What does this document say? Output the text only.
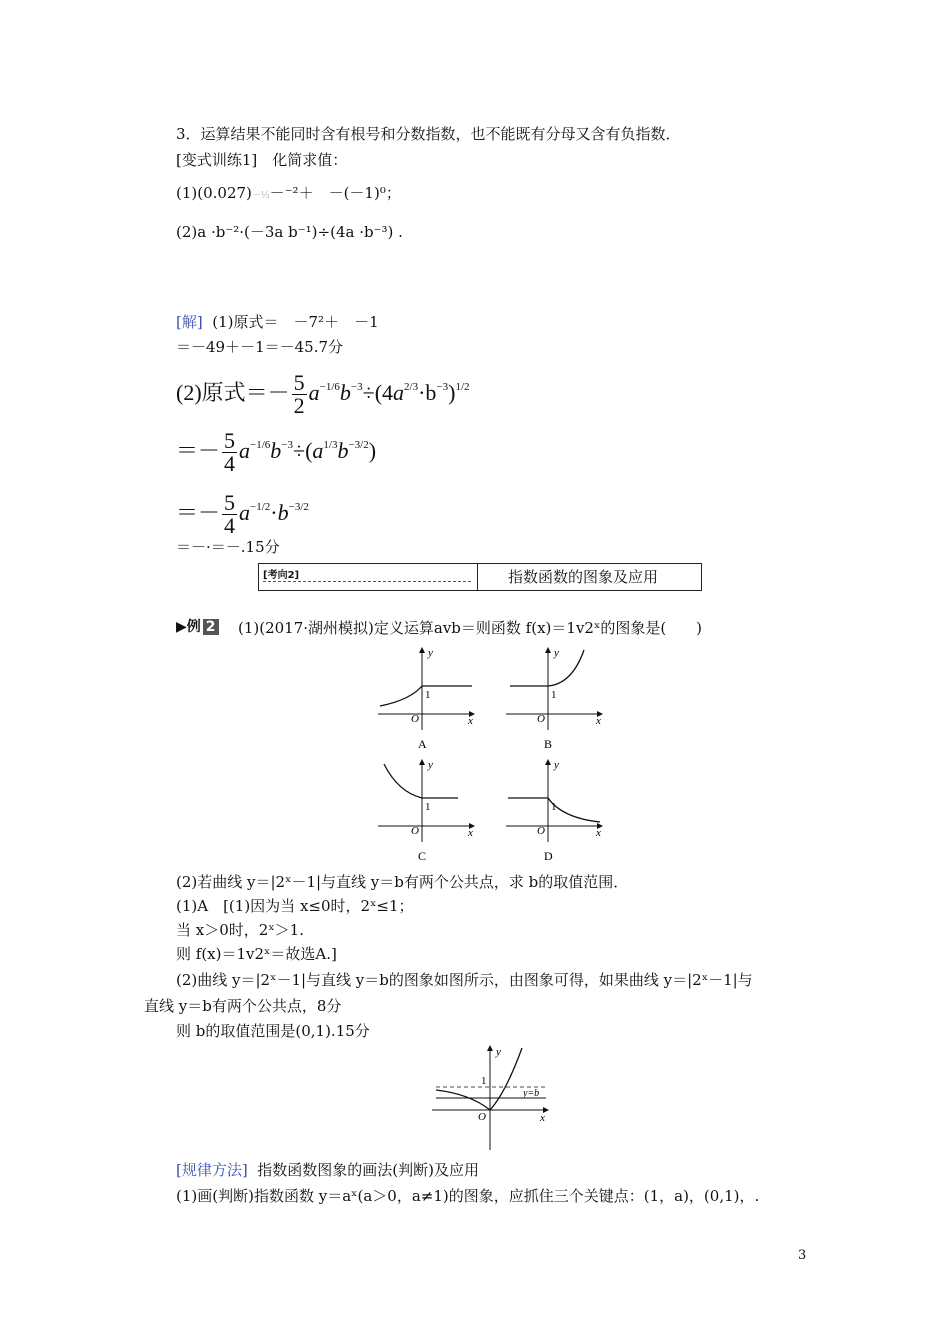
3．运算结果不能同时含有根号和分数指数，也不能既有分母又含有负指数．
[变式训练1]　化简求值：
(1)(0.027)－⅓－⁻²＋　－(－1)⁰；
(2)a ·b⁻²·(－3a b⁻¹)÷(4a ·b⁻³) .
[解] (1)原式＝　－7²＋　－1
＝－49＋－1＝－45.7分
(2)原式＝－ $\frac{5}{2} a^{-1/6}b^{-3}\div(4a^{2/3}\cdot b^{-3})^{1/2}$
＝－ $\frac{5}{4} a^{-1/6}b^{-3}\div(a^{1/3}b^{-3/2})$
＝－ $\frac{5}{4} a^{-1/2}\cdot b^{-3/2}$
＝－·＝－.15分
[考向2]	指数函数的图象及应用
▶例 2 (1)(2017·湖州模拟)定义运算avb＝则函数 f(x)＝1v2ˣ的图象是(　　)
y
x
O
1
A
y
x
O
1
B
y
x
O
1
C
y
x
O
1
D
y
x
O
1
y=b
(2)若曲线 y＝|2ˣ－1|与直线 y＝b有两个公共点，求 b的取值范围．
(1)A　[(1)因为当 x≤0时，2ˣ≤1；
当 x＞0时，2ˣ＞1.
则 f(x)＝1v2ˣ＝故选A.]
(2)曲线 y＝|2ˣ－1|与直线 y＝b的图象如图所示，由图象可得，如果曲线 y＝|2ˣ－1|与
直线 y＝b有两个公共点，8分
则 b的取值范围是(0,1).15分
[规律方法] 指数函数图象的画法(判断)及应用
(1)画(判断)指数函数 y＝aˣ(a＞0，a≠1)的图象，应抓住三个关键点：(1，a)，(0,1)，.
3
